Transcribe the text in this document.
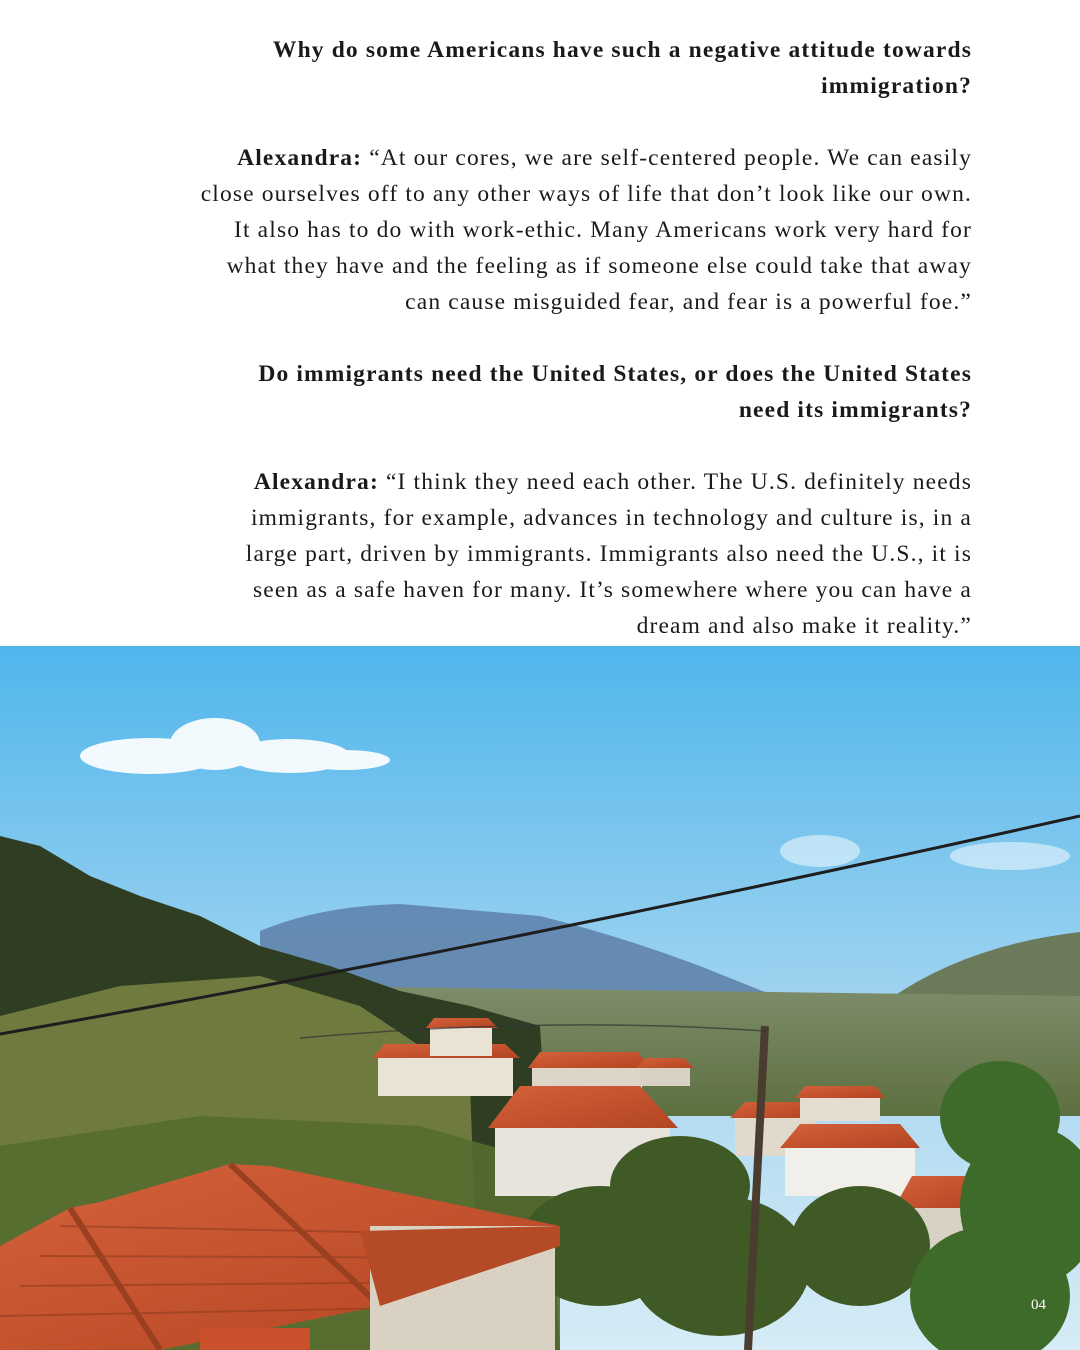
Why do some Americans have such a negative attitude towards immigration?

Alexandra: “At our cores, we are self-centered people. We can easily close ourselves off to any other ways of life that don’t look like our own. It also has to do with work-ethic. Many Americans work very hard for what they have and the feeling as if someone else could take that away can cause misguided fear, and fear is a powerful foe.”

Do immigrants need the United States, or does the United States need its immigrants?

Alexandra: “I think they need each other. The U.S. definitely needs immigrants, for example, advances in technology and culture is, in a large part, driven by immigrants. Immigrants also need the U.S., it is seen as a safe haven for many. It’s somewhere where you can have a dream and also make it reality.”

04
